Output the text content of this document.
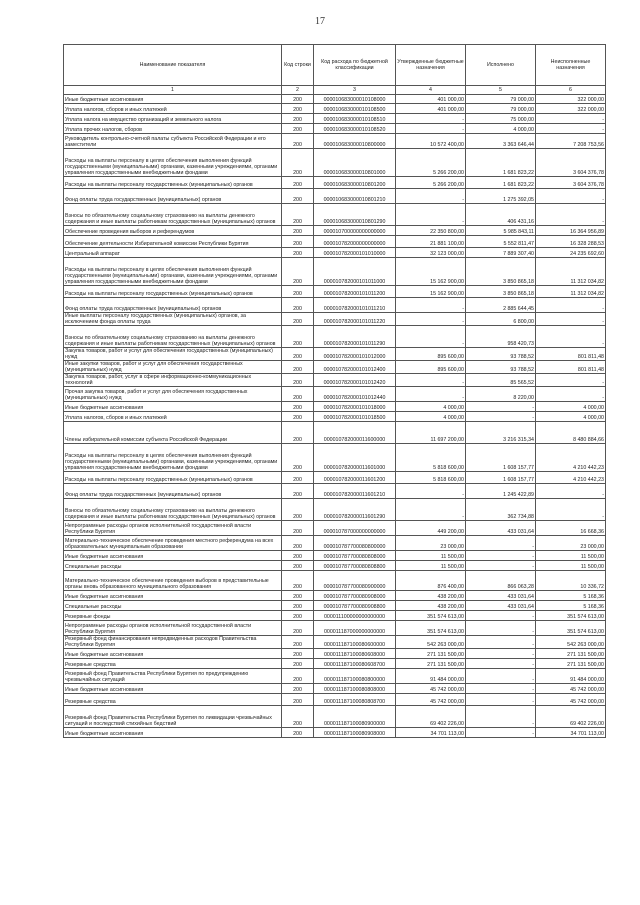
17
Наименование показателя	Код строки	Код расхода по бюджетной классификации	Утвержденные бюджетные назначения	Исполнено	Неисполненные назначения
1	2	3	4	5	6
Иные бюджетные ассигнования	200	000010683000010108000	401 000,00	79 000,00	322 000,00
Уплата налогов, сборов и иных платежей	200	000010683000010108500	401 000,00	79 000,00	322 000,00
Уплата налога на имущество организаций и земельного налога	200	000010683000010108510	-	75 000,00	-
Уплата прочих налогов, сборов	200	000010683000010108520	-	4 000,00	-
Руководитель контрольно-счетной палаты субъекта Российской Федерации и его заместители	200	000010683000010800000	10 572 400,00	3 363 646,44	7 208 753,56
Расходы на выплаты персоналу в целях обеспечения выполнения функций государственными (муниципальными) органами, казенными учреждениями, органами управления государственными внебюджетными фондами	200	000010683000010801000	5 266 200,00	1 681 823,22	3 604 376,78
Расходы на выплаты персоналу государственных (муниципальных) органов	200	000010683000010801200	5 266 200,00	1 681 823,22	3 604 376,78
Фонд оплаты труда государственных (муниципальных) органов	200	000010683000010801210	-	1 275 392,05	-
Взносы по обязательному социальному страхованию на выплаты денежного содержания и иные выплаты работникам государственных (муниципальных) органов	200	000010683000010801290	-	406 431,16	-
Обеспечение проведения выборов и референдумов	200	000010700000000000000	22 350 800,00	5 985 843,11	16 364 956,89
Обеспечение деятельности Избирательной комиссии Республики Бурятия	200	000010782000000000000	21 881 100,00	5 552 811,47	16 328 288,53
Центральный аппарат	200	000010782000101010000	32 123 000,00	7 889 307,40	24 235 692,60
Расходы на выплаты персоналу в целях обеспечения выполнения функций государственными (муниципальными) органами, казенными учреждениями, органами управления государственными внебюджетными фондами	200	000010782000101011000	15 162 900,00	3 850 865,18	11 312 034,82
Расходы на выплаты персоналу государственных (муниципальных) органов	200	000010782000101011200	15 162 900,00	3 850 865,18	11 312 034,82
Фонд оплаты труда государственных (муниципальных) органов	200	000010782000101011210	-	2 885 644,45	-
Иные выплаты персоналу государственных (муниципальных) органов, за исключением фонда оплаты труда	200	000010782000101011220	-	6 800,00	-
Взносы по обязательному социальному страхованию на выплаты денежного содержания и иные выплаты работникам государственных (муниципальных) органов	200	000010782000101011290	-	958 420,73	-
Закупка товаров, работ и услуг для обеспечения государственных (муниципальных) нужд	200	000010782000101012000	895 600,00	93 788,52	801 811,48
Иные закупки товаров, работ и услуг для обеспечения государственных (муниципальных) нужд	200	000010782000101012400	895 600,00	93 788,52	801 811,48
Закупка товаров, работ, услуг в сфере информационно-коммуникационных технологий	200	000010782000101012420	-	85 565,52	-
Прочая закупка товаров, работ и услуг для обеспечения государственных (муниципальных) нужд	200	000010782000101012440	-	8 220,00	-
Иные бюджетные ассигнования	200	000010782000101018000	4 000,00	-	4 000,00
Уплата налогов, сборов и иных платежей	200	000010782000101018500	4 000,00	-	4 000,00
Члены избирательной комиссии субъекта Российской Федерации	200	000010782000011600000	11 697 200,00	3 216 315,34	8 480 884,66
Расходы на выплаты персоналу в целях обеспечения выполнения функций государственными (муниципальными) органами, казенными учреждениями, органами управления государственными внебюджетными фондами	200	000010782000011601000	5 818 600,00	1 608 157,77	4 210 442,23
Расходы на выплаты персоналу государственных (муниципальных) органов	200	000010782000011601200	5 818 600,00	1 608 157,77	4 210 442,23
Фонд оплаты труда государственных (муниципальных) органов	200	000010782000011601210	-	1 245 422,89	-
Взносы по обязательному социальному страхованию на выплаты денежного содержания и иные выплаты работникам государственных (муниципальных) органов	200	000010782000011601290	-	362 734,88	-
Непрограммные расходы органов исполнительной государственной власти Республики Бурятия	200	000010787000000000000	449 200,00	433 031,64	16 668,36
Материально-техническое обеспечение проведения местного референдума на всех образовательных муниципальным образовании	200	000010787700080800000	23 000,00	-	23 000,00
Иные бюджетные ассигнования	200	000010787700080808000	11 500,00	-	11 500,00
Специальные расходы	200	000010787700080808800	11 500,00	-	11 500,00
Материально-техническое обеспечение проведения выборов в представительные органы вновь образованного муниципального образования	200	000010787700080900000	876 400,00	866 063,28	10 336,72
Иные бюджетные ассигнования	200	000010787700080908000	438 200,00	433 031,64	5 168,36
Специальные расходы	200	000010787700080908800	438 200,00	433 031,64	5 168,36
Резервные фонды	200	000011100000000000000	351 574 613,00	-	351 574 613,00
Непрограммные расходы органов исполнительной государственной власти Республики Бурятия	200	000011187000000000000	351 574 613,00	-	351 574 613,00
Резервный фонд финансирования непредвиденных расходов Правительства Республики Бурятия	200	000011187100080600000	542 263 000,00	-	542 263 000,00
Иные бюджетные ассигнования	200	000011187100080608000	271 131 500,00	-	271 131 500,00
Резервные средства	200	000011187100080608700	271 131 500,00	-	271 131 500,00
Резервный фонд Правительства Республики Бурятия по предупреждению чрезвычайных ситуаций	200	000011187100080800000	91 484 000,00	-	91 484 000,00
Иные бюджетные ассигнования	200	000011187100080808000	45 742 000,00	-	45 742 000,00
Резервные средства	200	000011187100080808700	45 742 000,00	-	45 742 000,00
Резервный фонд Правительства Республики Бурятия по ликвидации чрезвычайных ситуаций и последствий стихийных бедствий	200	000011187100080900000	69 402 226,00	-	69 402 226,00
Иные бюджетные ассигнования	200	000011187100080908000	34 701 113,00	-	34 701 113,00
